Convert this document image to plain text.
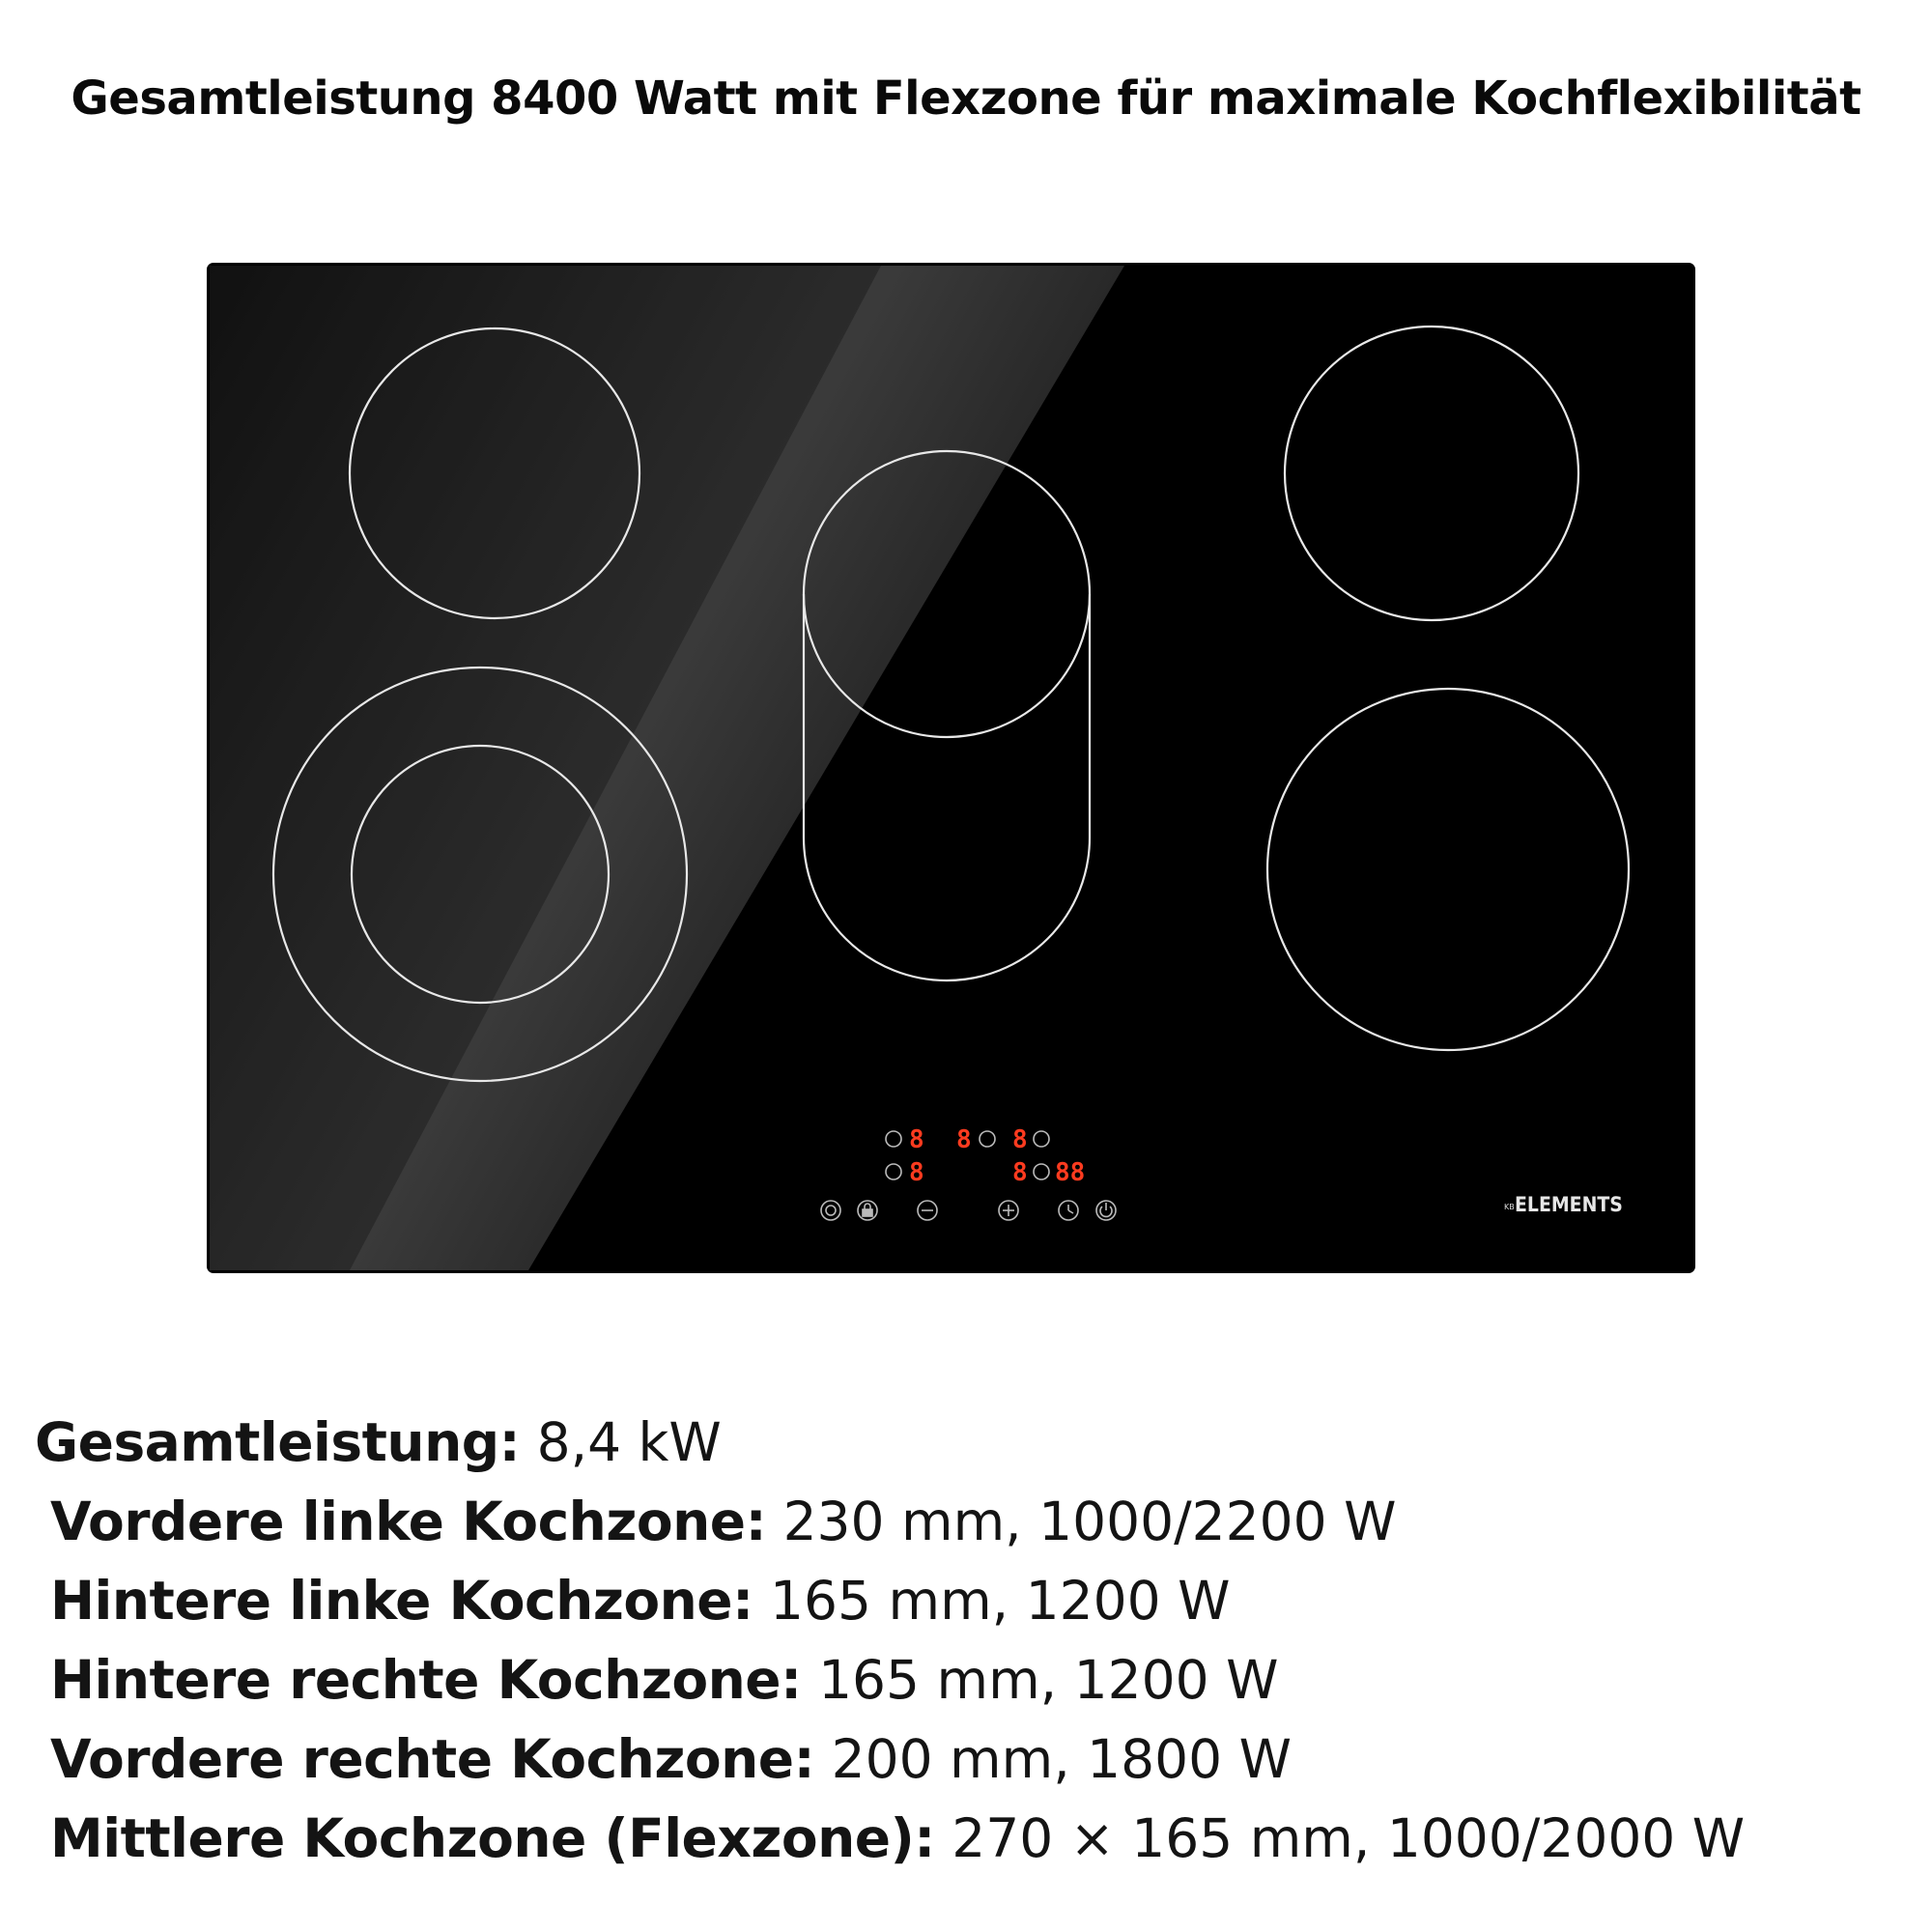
Gesamtleistung 8400 Watt mit Flexzone für maximale Kochflexibilität
8 8 8
8	8 88
KB ELEMENTS
Gesamtleistung: 8,4 kW
Vordere linke Kochzone: 230 mm, 1000/2200 W
Hintere linke Kochzone: 165 mm, 1200 W
Hintere rechte Kochzone: 165 mm, 1200 W
Vordere rechte Kochzone: 200 mm, 1800 W
Mittlere Kochzone (Flexzone): 270 × 165 mm, 1000/2000 W
